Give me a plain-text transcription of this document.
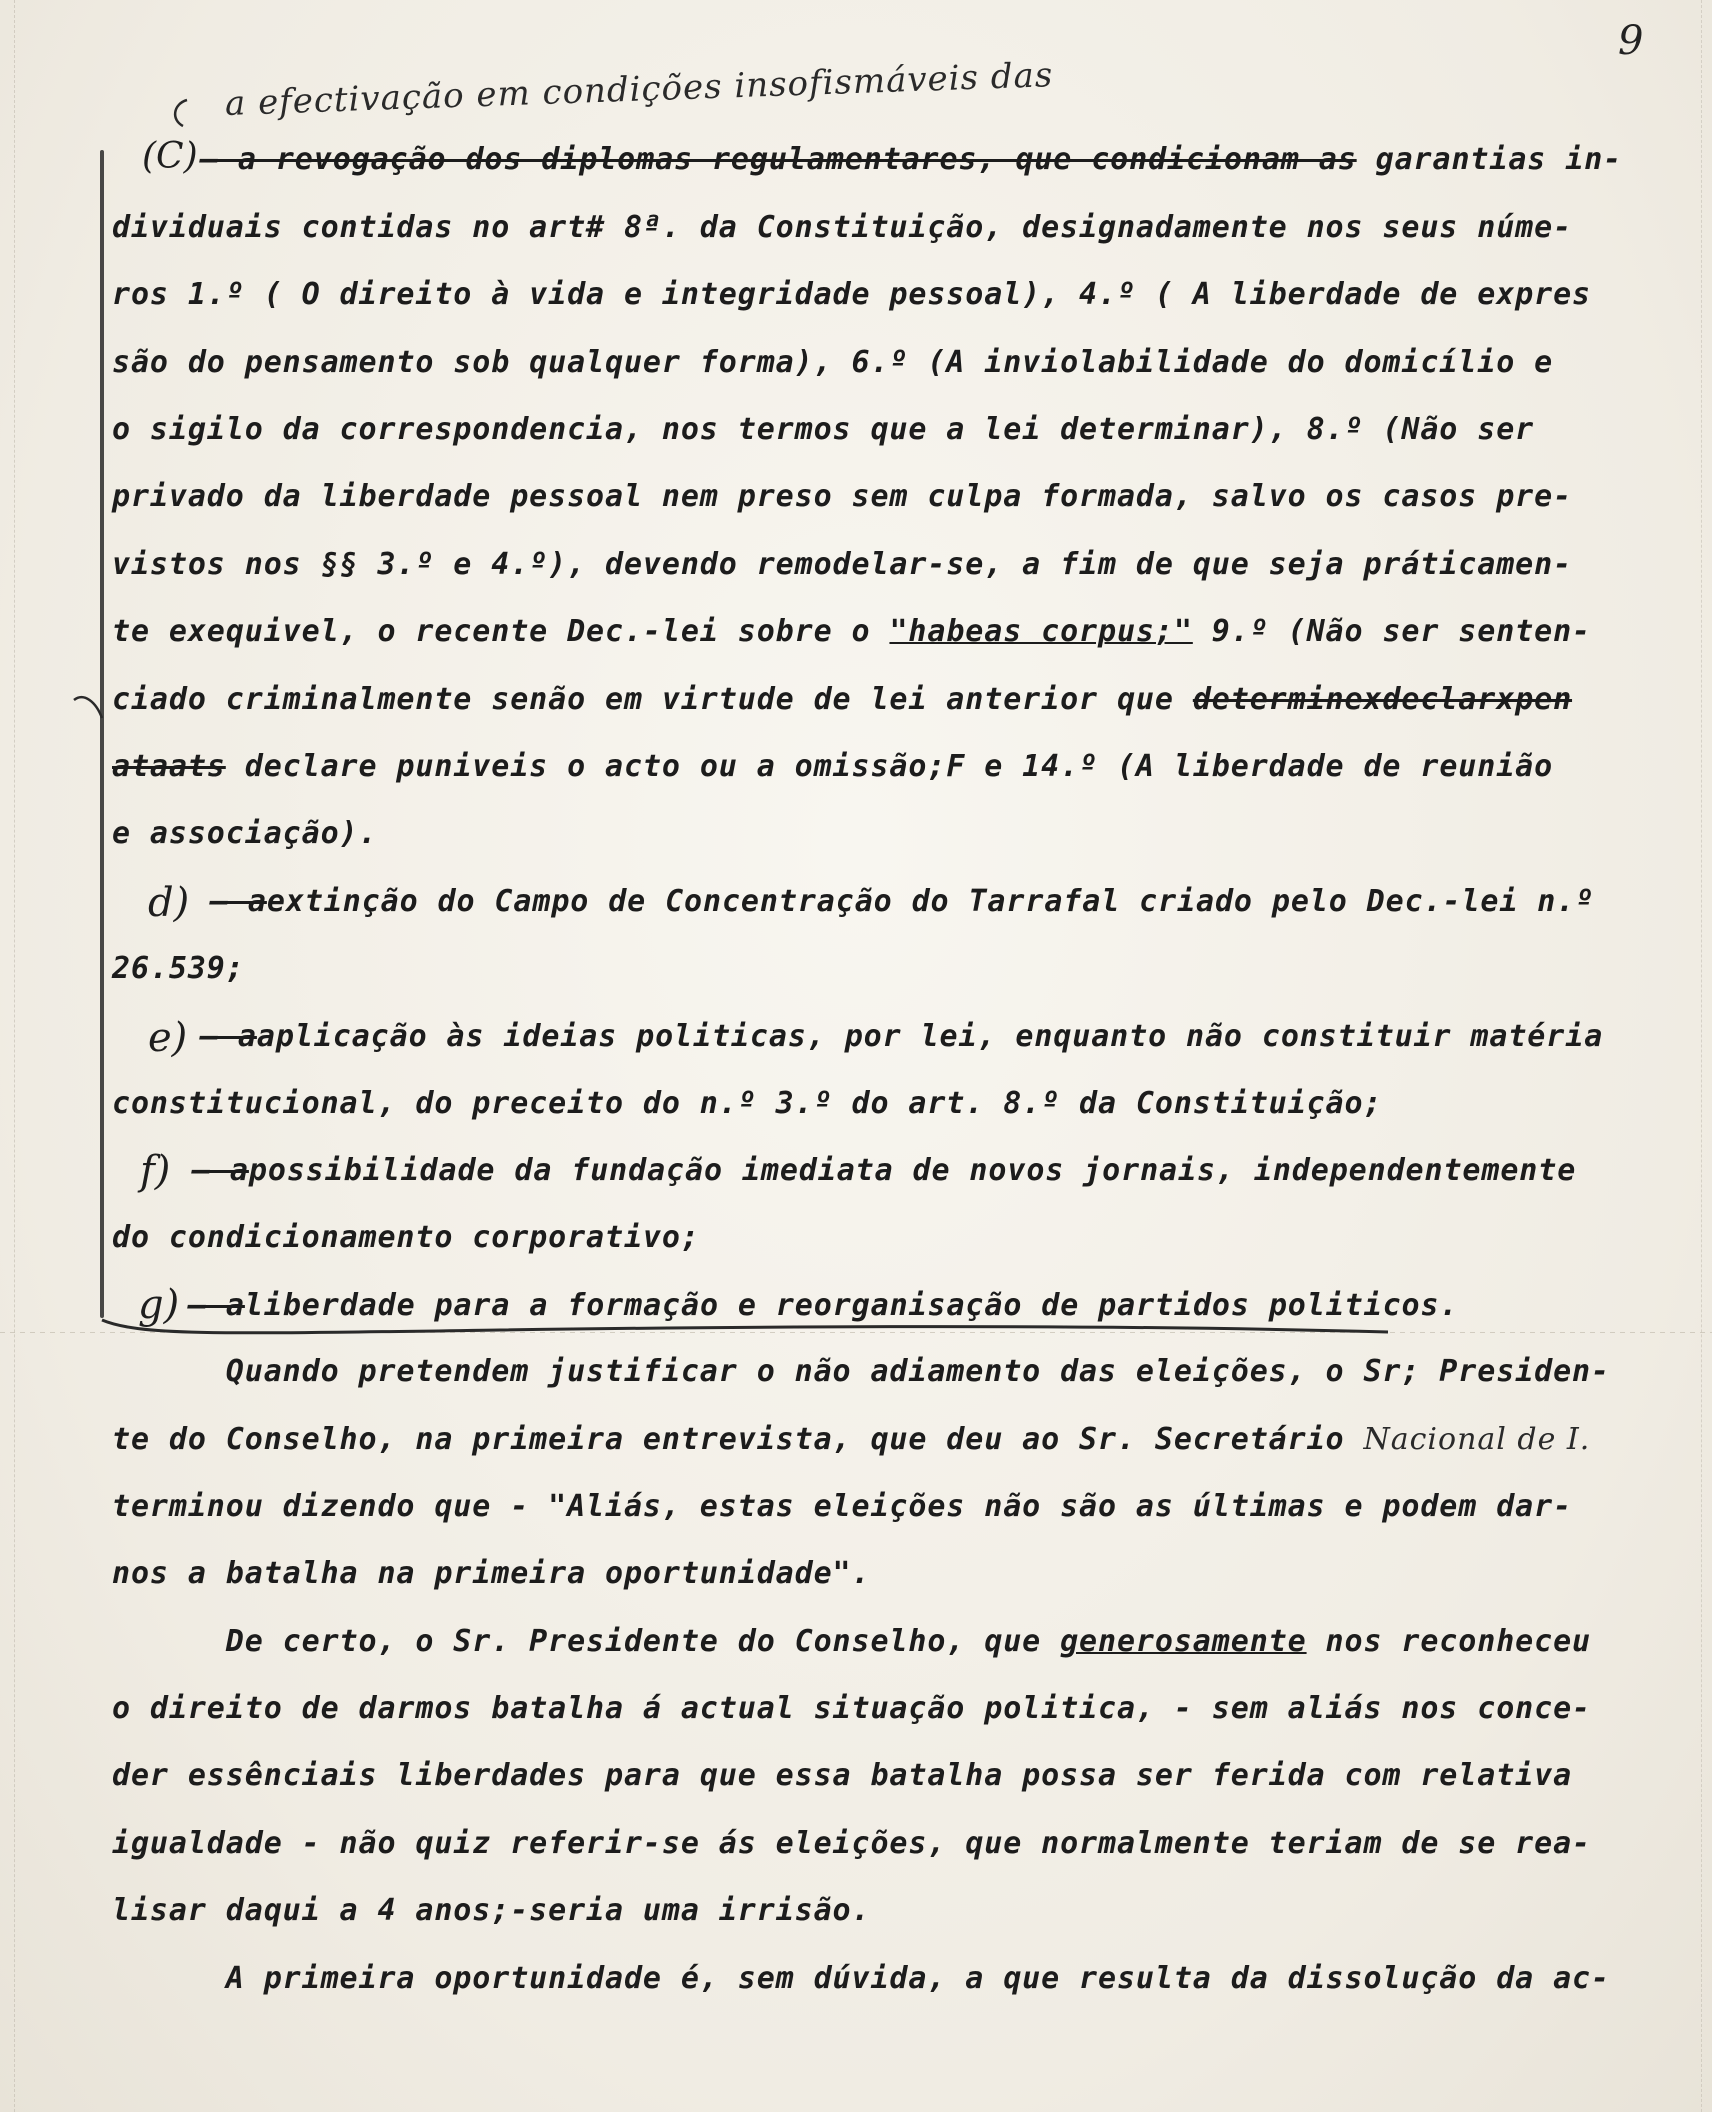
9
a efectivação em condições insofismáveis das
(C)
d)
e)
f)
g)
— a revogação dos diplomas regulamentares, que condicionam as garantias in-
dividuais contidas no art# 8ª. da Constituição, designadamente nos seus núme-
ros 1.º ( O direito à vida e integridade pessoal), 4.º ( A liberdade de expres
são do pensamento sob qualquer forma), 6.º (A inviolabilidade do domicílio e
o sigilo da correspondencia, nos termos que a lei determinar), 8.º (Não ser
privado da liberdade pessoal nem preso sem culpa formada, salvo os casos pre-
vistos nos §§ 3.º e 4.º), devendo remodelar-se, a fim de que seja práticamen-
te exequivel, o recente Dec.-lei sobre o "habeas corpus;" 9.º (Não ser senten-
ciado criminalmente senão em virtude de lei anterior que determinexdeclarxpen
ataats declare puniveis o acto ou a omissão;F e 14.º (A liberdade de reunião
e associação).
— aextinção do Campo de Concentração do Tarrafal criado pelo Dec.-lei n.º
26.539;
— aaplicação às ideias politicas, por lei, enquanto não constituir matéria
constitucional, do preceito do n.º 3.º do art. 8.º da Constituição;
— apossibilidade da fundação imediata de novos jornais, independentemente
do condicionamento corporativo;
— aliberdade para a formação e reorganisação de partidos politicos.
Quando pretendem justificar o não adiamento das eleições, o Sr; Presiden-
te do Conselho, na primeira entrevista, que deu ao Sr. Secretário Nacional de I.
terminou dizendo que - "Aliás, estas eleições não são as últimas e podem dar-
nos a batalha na primeira oportunidade".
De certo, o Sr. Presidente do Conselho, que generosamente nos reconheceu
o direito de darmos batalha á actual situação politica, - sem aliás nos conce-
der essênciais liberdades para que essa batalha possa ser ferida com relativa
igualdade - não quiz referir-se ás eleições, que normalmente teriam de se rea-
lisar daqui a 4 anos;-seria uma irrisão.
A primeira oportunidade é, sem dúvida, a que resulta da dissolução da ac-
